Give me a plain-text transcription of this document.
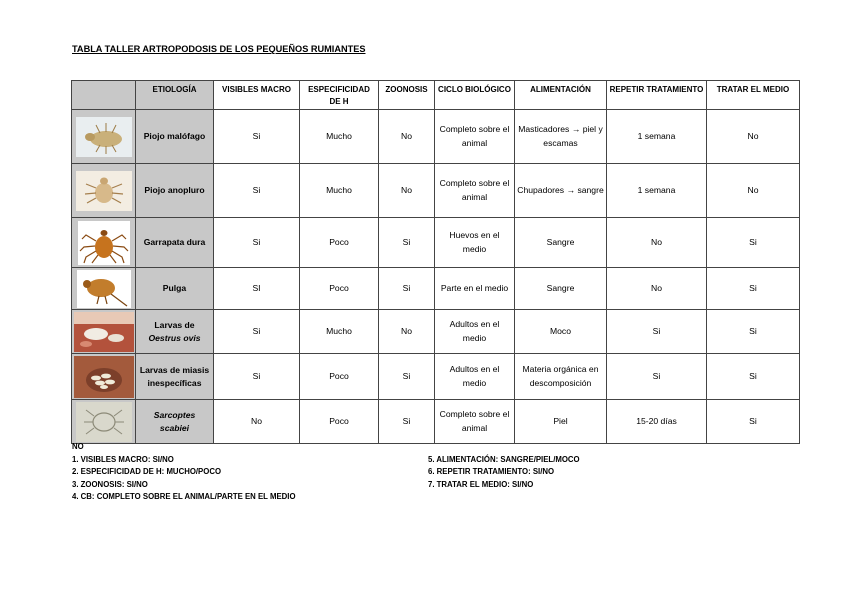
TABLA TALLER ARTROPODOSIS DE LOS PEQUEÑOS RUMIANTES
	ETIOLOGÍA	VISIBLES MACRO	ESPECIFICIDAD DE H	ZOONOSIS	CICLO BIOLÓGICO	ALIMENTACIÓN	REPETIR TRATAMIENTO	TRATAR EL MEDIO

	Piojo malófago	Si	Mucho	No	Completo sobre el animal	Masticadores → piel y escamas	1 semana	No

	Piojo anopluro	Si	Mucho	No	Completo sobre el animal	Chupadores → sangre	1 semana	No

	Garrapata dura	Si	Poco	Si	Huevos en el medio	Sangre	No	Si

	Pulga	SI	Poco	Si	Parte en el medio	Sangre	No	Si

	Larvas de
Oestrus ovis	Si	Mucho	No	Adultos en el medio	Moco	Si	Si

	Larvas de miasis inespecíficas	Si	Poco	Si	Adultos en el medio	Materia orgánica en descomposición	Si	Si

	Sarcoptes scabiei	No	Poco	Si	Completo sobre el animal	Piel	15-20 días	Si
NO
1. VISIBLES MACRO: SI/NO
2. ESPECIFICIDAD DE H: MUCHO/POCO
3. ZOONOSIS: SI/NO
4. CB: COMPLETO SOBRE EL ANIMAL/PARTE EN EL MEDIO
5. ALIMENTACIÓN: SANGRE/PIEL/MOCO
6. REPETIR TRATAMIENTO: SI/NO
7. TRATAR EL MEDIO: SI/NO
